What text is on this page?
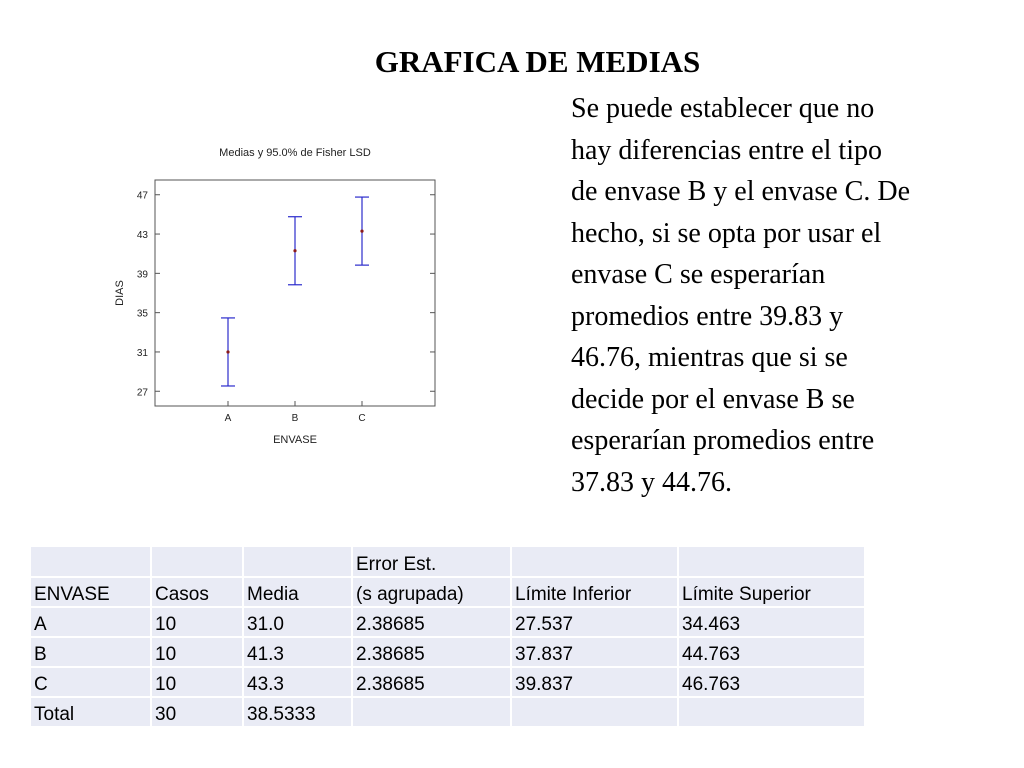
GRAFICA DE MEDIAS

Se puede establecer que no
hay diferencias entre el tipo
de envase B y el envase C. De
hecho, si se opta por usar el
envase C se esperarían
promedios entre 39.83 y
46.76, mientras que si se
decide por el envase B se
esperarían promedios entre
37.83 y 44.76.

Medias y 95.0% de Fisher LSD
27
31
35
39
43
47
A	B	C
ENVASE
DIAS
			Error Est.		
ENVASE	Casos	Media	(s agrupada)	Límite Inferior	Límite Superior
A	10	31.0	2.38685	27.537	34.463
B	10	41.3	2.38685	37.837	44.763
C	10	43.3	2.38685	39.837	46.763
Total	30	38.5333			
